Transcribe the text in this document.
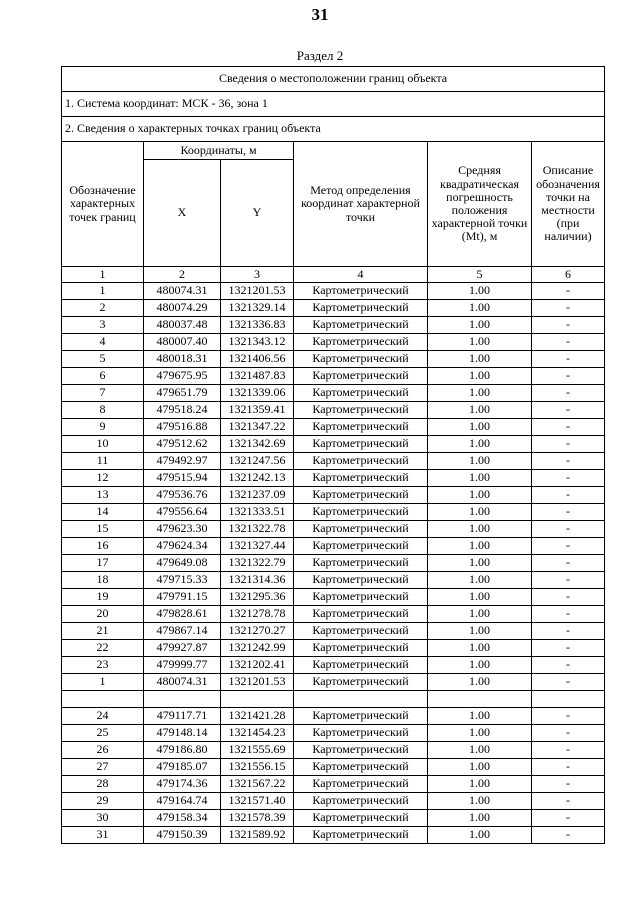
31
Раздел 2
Сведения о местоположении границ объекта					
1. Система координат: МСК - 36, зона 1					
2. Сведения о характерных точках границ объекта					
Обозначение характерных точек границ	Координаты, м		Метод определения координат характерной точки	Средняя квадратическая погрешность положения характерной точки (Mt), м	Описание обозначения точки на местности (при наличии)
	X	Y			
1	2	3	4	5	6
1	480074.31	1321201.53	Картометрический	1.00	-
2	480074.29	1321329.14	Картометрический	1.00	-
3	480037.48	1321336.83	Картометрический	1.00	-
4	480007.40	1321343.12	Картометрический	1.00	-
5	480018.31	1321406.56	Картометрический	1.00	-
6	479675.95	1321487.83	Картометрический	1.00	-
7	479651.79	1321339.06	Картометрический	1.00	-
8	479518.24	1321359.41	Картометрический	1.00	-
9	479516.88	1321347.22	Картометрический	1.00	-
10	479512.62	1321342.69	Картометрический	1.00	-
11	479492.97	1321247.56	Картометрический	1.00	-
12	479515.94	1321242.13	Картометрический	1.00	-
13	479536.76	1321237.09	Картометрический	1.00	-
14	479556.64	1321333.51	Картометрический	1.00	-
15	479623.30	1321322.78	Картометрический	1.00	-
16	479624.34	1321327.44	Картометрический	1.00	-
17	479649.08	1321322.79	Картометрический	1.00	-
18	479715.33	1321314.36	Картометрический	1.00	-
19	479791.15	1321295.36	Картометрический	1.00	-
20	479828.61	1321278.78	Картометрический	1.00	-
21	479867.14	1321270.27	Картометрический	1.00	-
22	479927.87	1321242.99	Картометрический	1.00	-
23	479999.77	1321202.41	Картометрический	1.00	-
1	480074.31	1321201.53	Картометрический	1.00	-

24	479117.71	1321421.28	Картометрический	1.00	-
25	479148.14	1321454.23	Картометрический	1.00	-
26	479186.80	1321555.69	Картометрический	1.00	-
27	479185.07	1321556.15	Картометрический	1.00	-
28	479174.36	1321567.22	Картометрический	1.00	-
29	479164.74	1321571.40	Картометрический	1.00	-
30	479158.34	1321578.39	Картометрический	1.00	-
31	479150.39	1321589.92	Картометрический	1.00	-
